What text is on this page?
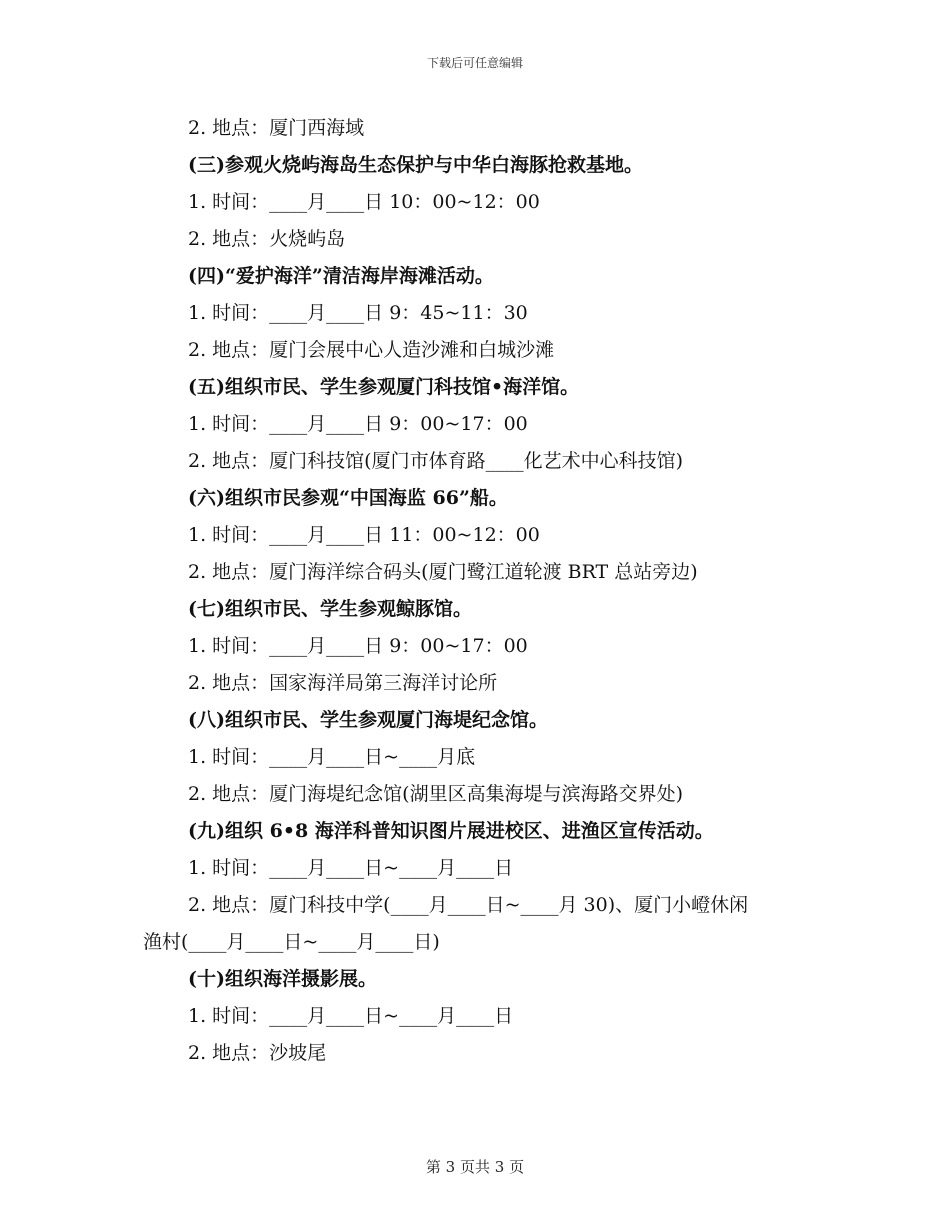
下载后可任意编辑
2. 地点：厦门西海域
(三)参观火烧屿海岛生态保护与中华白海豚抢救基地。
1. 时间：____月____日 10：00~12：00
2. 地点：火烧屿岛
(四)“爱护海洋”清洁海岸海滩活动。
1. 时间：____月____日 9：45~11：30
2. 地点：厦门会展中心人造沙滩和白城沙滩
(五)组织市民、学生参观厦门科技馆•海洋馆。
1. 时间：____月____日 9：00~17：00
2. 地点：厦门科技馆(厦门市体育路____化艺术中心科技馆)
(六)组织市民参观“中国海监 66”船。
1. 时间：____月____日 11：00~12：00
2. 地点：厦门海洋综合码头(厦门鹭江道轮渡 BRT 总站旁边)
(七)组织市民、学生参观鲸豚馆。
1. 时间：____月____日 9：00~17：00
2. 地点：国家海洋局第三海洋讨论所
(八)组织市民、学生参观厦门海堤纪念馆。
1. 时间：____月____日~____月底
2. 地点：厦门海堤纪念馆(湖里区高集海堤与滨海路交界处)
(九)组织 6•8 海洋科普知识图片展进校区、进渔区宣传活动。
1. 时间：____月____日~____月____日
2. 地点：厦门科技中学(____月____日~____月 30)、厦门小嶝休闲
渔村(____月____日~____月____日)
(十)组织海洋摄影展。
1. 时间：____月____日~____月____日
2. 地点：沙坡尾
第 3 页共 3 页
